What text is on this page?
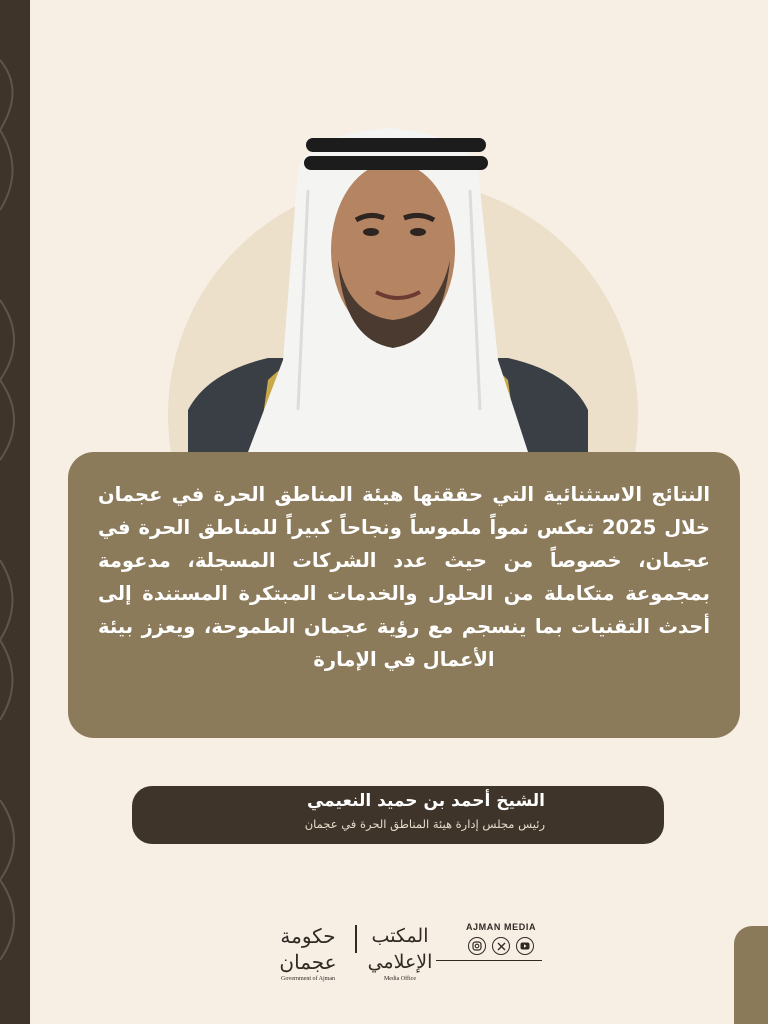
النتائج الاستثنائية التي حققتها هيئة المناطق الحرة في عجمان خلال 2025 تعكس نمواً ملموساً ونجاحاً كبيراً للمناطق الحرة في عجمان، خصوصاً من حيث عدد الشركات المسجلة، مدعومة بمجموعة متكاملة من الحلول والخدمات المبتكرة المستندة إلى أحدث التقنيات بما ينسجم مع رؤية عجمان الطموحة، ويعزز بيئة الأعمال في الإمارة
الشيخ أحمد بن حميد النعيمي
رئيس مجلس إدارة هيئة المناطق الحرة في عجمان
حكومة عجمان
Government of Ajman
المكتب الإعلامي
Media Office
AJMAN MEDIA
